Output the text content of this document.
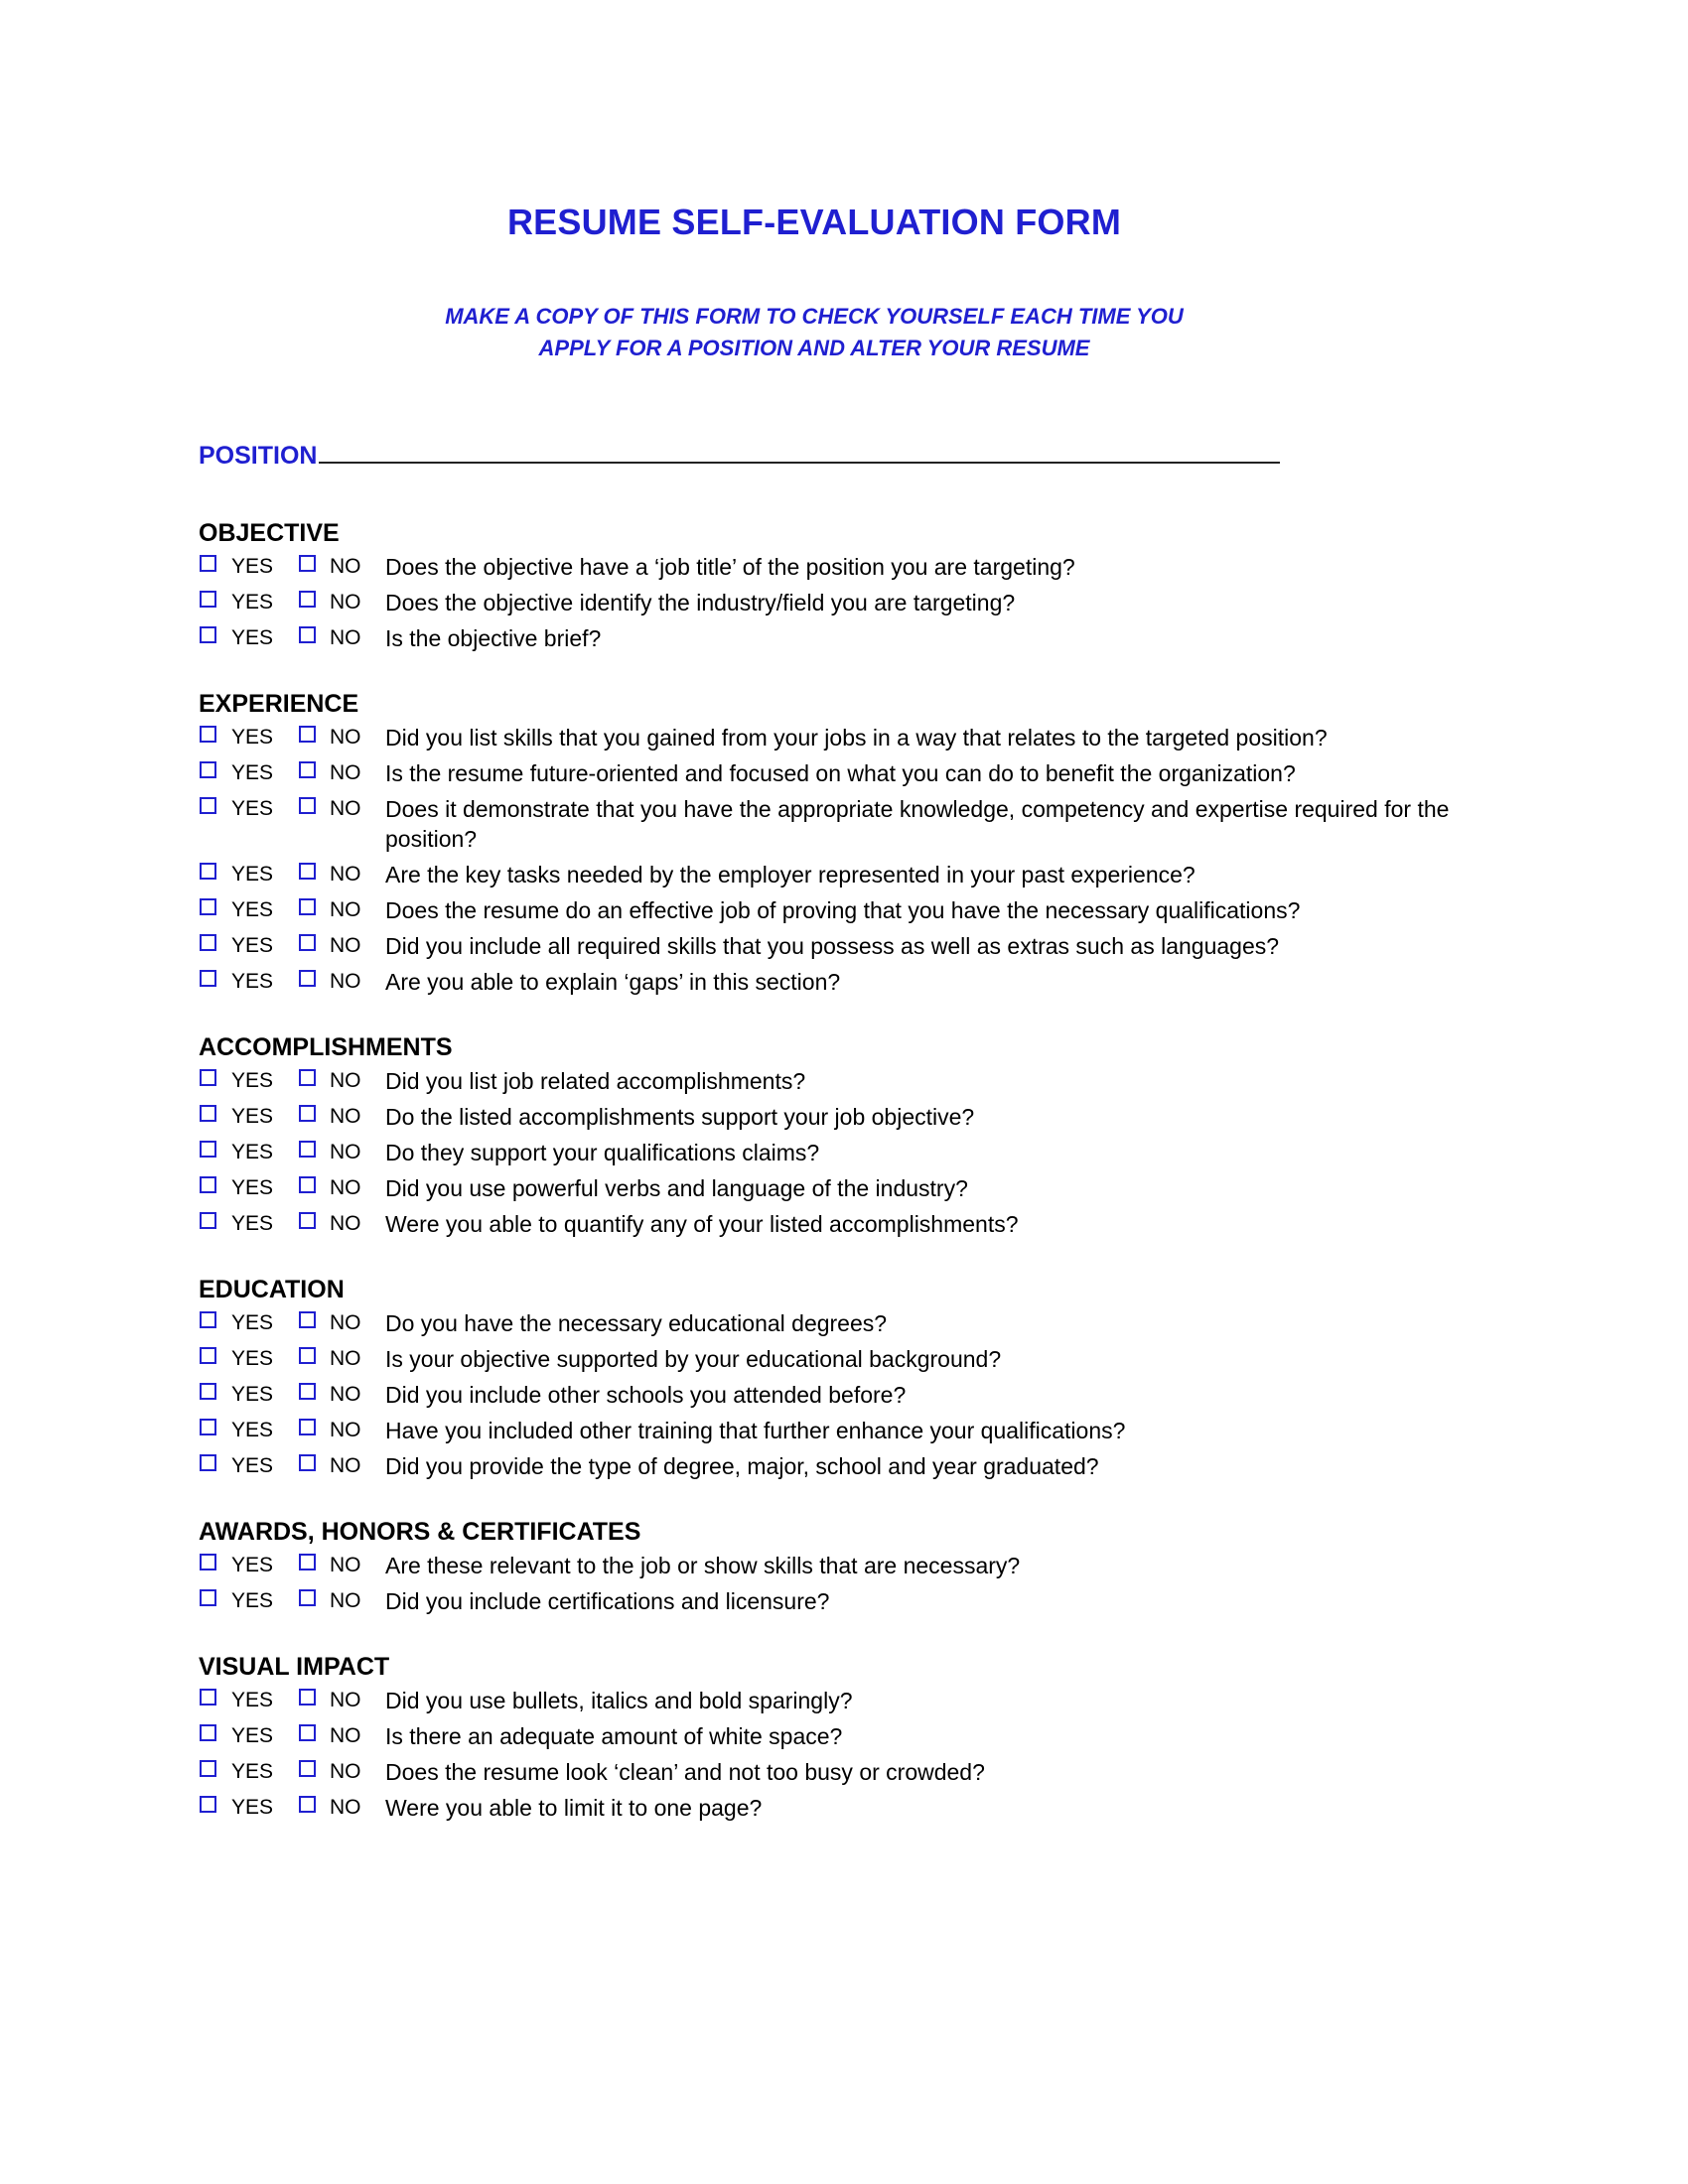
RESUME SELF-EVALUATION FORM
MAKE A COPY OF THIS FORM TO CHECK YOURSELF EACH TIME YOU
APPLY FOR A POSITION AND ALTER YOUR RESUME
POSITION
OBJECTIVE
YES	NO Does the objective have a ‘job title’ of the position you are targeting?
YES	NO Does the objective identify the industry/field you are targeting?
YES	NO Is the objective brief?
EXPERIENCE
YES	NO Did you list skills that you gained from your jobs in a way that relates to the targeted position?
YES	NO Is the resume future-oriented and focused on what you can do to benefit the organization?
YES	NO Does it demonstrate that you have the appropriate knowledge, competency and expertise required for the position?
YES	NO Are the key tasks needed by the employer represented in your past experience?
YES	NO Does the resume do an effective job of proving that you have the necessary qualifications?
YES	NO Did you include all required skills that you possess as well as extras such as languages?
YES	NO Are you able to explain ‘gaps’ in this section?
ACCOMPLISHMENTS
YES	NO Did you list job related accomplishments?
YES	NO Do the listed accomplishments support your job objective?
YES	NO Do they support your qualifications claims?
YES	NO Did you use powerful verbs and language of the industry?
YES	NO Were you able to quantify any of your listed accomplishments?
EDUCATION
YES	NO Do you have the necessary educational degrees?
YES	NO Is your objective supported by your educational background?
YES	NO Did you include other schools you attended before?
YES	NO Have you included other training that further enhance your qualifications?
YES	NO Did you provide the type of degree, major, school and year graduated?
AWARDS, HONORS & CERTIFICATES
YES	NO Are these relevant to the job or show skills that are necessary?
YES	NO Did you include certifications and licensure?
VISUAL IMPACT
YES	NO Did you use bullets, italics and bold sparingly?
YES	NO Is there an adequate amount of white space?
YES	NO Does the resume look ‘clean’ and not too busy or crowded?
YES	NO Were you able to limit it to one page?
